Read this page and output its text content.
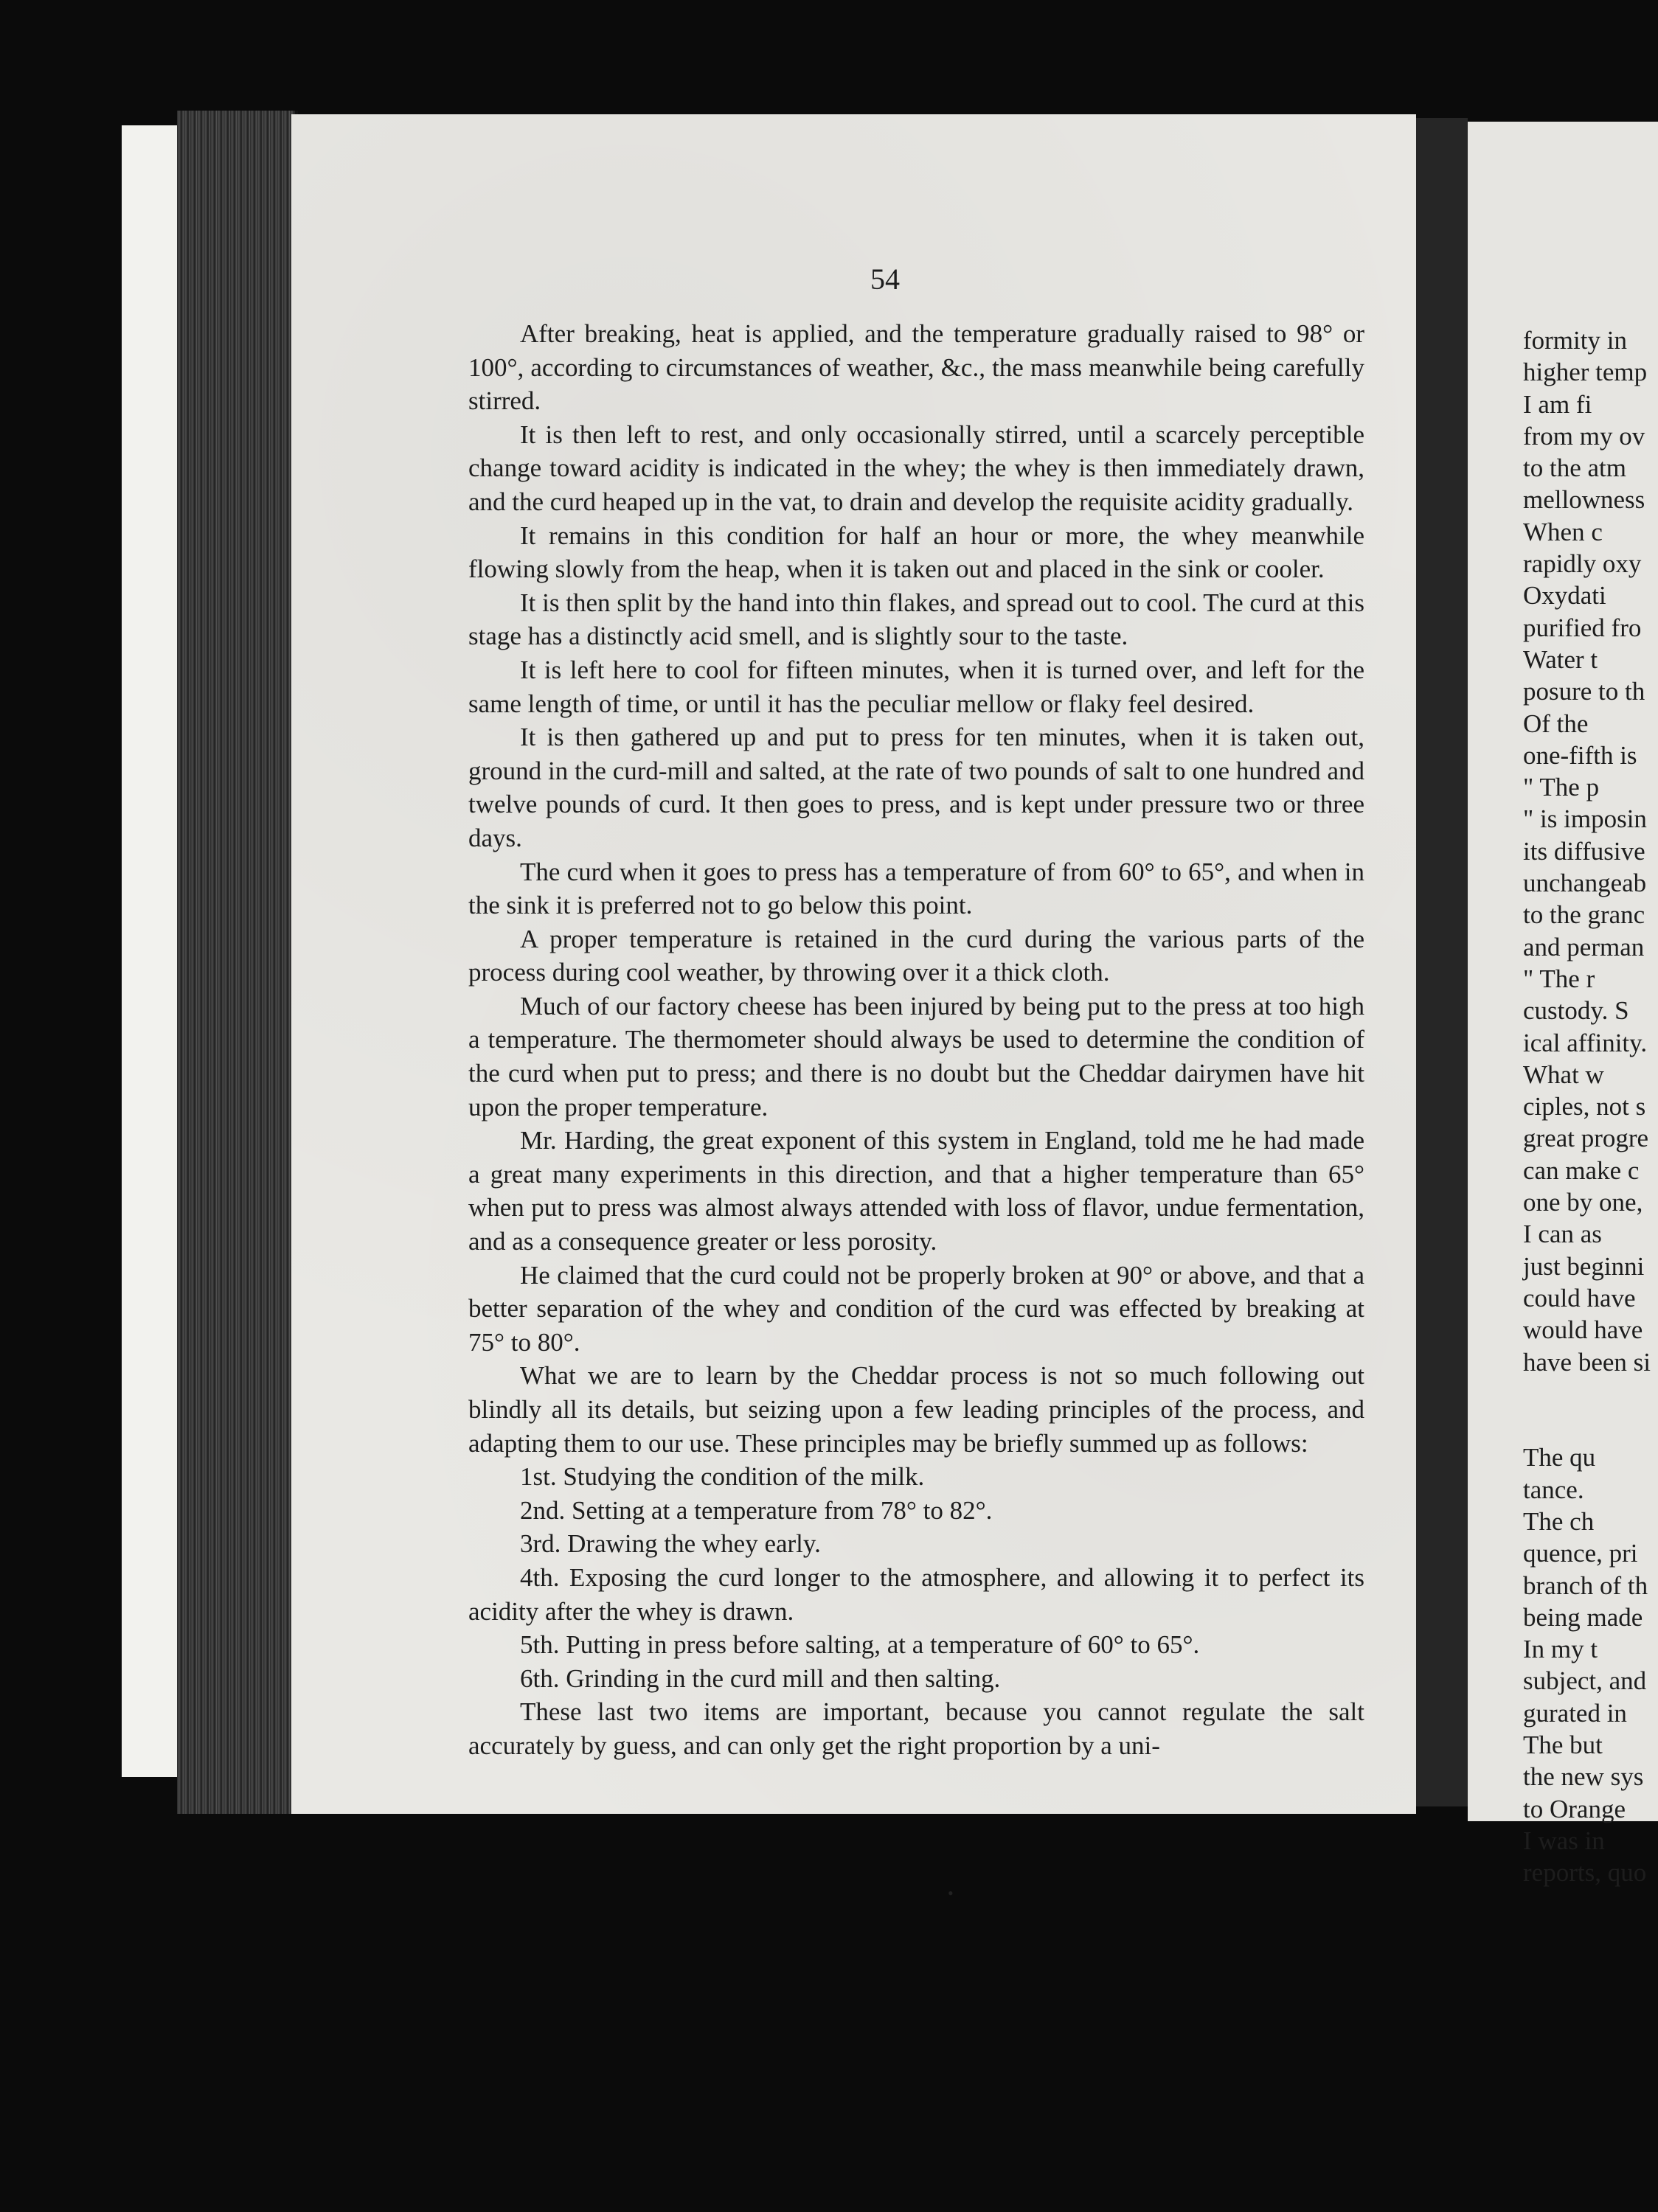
54

After breaking, heat is applied, and the temperature gradually raised to 98° or 100°, according to circumstances of weather, &c., the mass meanwhile being carefully stirred.

It is then left to rest, and only occasionally stirred, until a scarcely perceptible change toward acidity is indicated in the whey; the whey is then immediately drawn, and the curd heaped up in the vat, to drain and develop the requisite acidity gradually.

It remains in this condition for half an hour or more, the whey meanwhile flowing slowly from the heap, when it is taken out and placed in the sink or cooler.

It is then split by the hand into thin flakes, and spread out to cool. The curd at this stage has a distinctly acid smell, and is slightly sour to the taste.

It is left here to cool for fifteen minutes, when it is turned over, and left for the same length of time, or until it has the peculiar mellow or flaky feel desired.

It is then gathered up and put to press for ten minutes, when it is taken out, ground in the curd-mill and salted, at the rate of two pounds of salt to one hundred and twelve pounds of curd. It then goes to press, and is kept under pressure two or three days.

The curd when it goes to press has a temperature of from 60° to 65°, and when in the sink it is preferred not to go below this point.

A proper temperature is retained in the curd during the various parts of the process during cool weather, by throwing over it a thick cloth.

Much of our factory cheese has been injured by being put to the press at too high a temperature. The thermometer should always be used to determine the condition of the curd when put to press; and there is no doubt but the Cheddar dairymen have hit upon the proper temperature.

Mr. Harding, the great exponent of this system in England, told me he had made a great many experiments in this direction, and that a higher temperature than 65° when put to press was almost always attended with loss of flavor, undue fermentation, and as a consequence greater or less porosity.

He claimed that the curd could not be properly broken at 90° or above, and that a better separation of the whey and condition of the curd was effected by breaking at 75° to 80°.

What we are to learn by the Cheddar process is not so much following out blindly all its details, but seizing upon a few leading principles of the process, and adapting them to our use. These principles may be briefly summed up as follows:

1st. Studying the condition of the milk.

2nd. Setting at a temperature from 78° to 82°.

3rd. Drawing the whey early.

4th. Exposing the curd longer to the atmosphere, and allowing it to perfect its acidity after the whey is drawn.

5th. Putting in press before salting, at a temperature of 60° to 65°.

6th. Grinding in the curd mill and then salting.

These last two items are important, because you cannot regulate the salt accurately by guess, and can only get the right proportion by a uni-

•
formity in
higher temp
I am fi
from my ov
to the atm
mellowness
When c
rapidly oxy
Oxydati
purified fro
Water t
posure to th
Of the
one-fifth is
" The p
" is imposin
its diffusive
unchangeab
to the granc
and perman
" The r
custody. S
ical affinity.
What w
ciples, not s
great progre
can make c
one by one,
I can as
just beginni
could have
would have
have been si
The qu
tance.
The ch
quence, pri
branch of th
being made
In my t
subject, and
gurated in
The but
the new sys
to Orange
I was in
reports, quo
